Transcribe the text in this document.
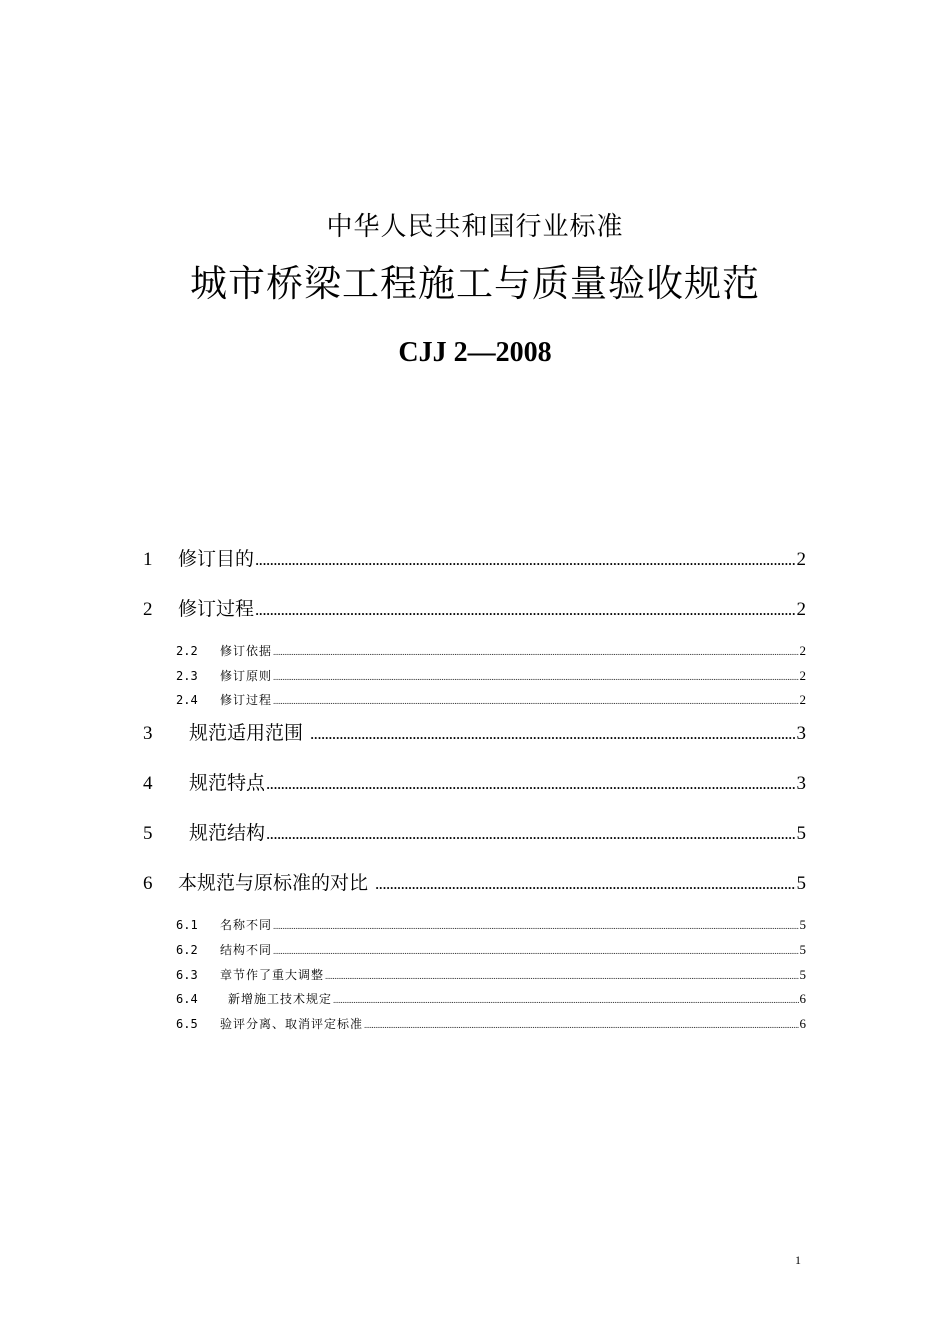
中华人民共和国行业标准
城市桥梁工程施工与质量验收规范
CJJ 2—2008
1	修订目的 .....	2
2	修订过程 .....	2
2.2	修订依据 .....	2
2.3	修订原则 .....	2
2.4	修订过程 .....	2
3	规范适用范围 .....	3
4	规范特点 .....	3
5	规范结构 .....	5
6	本规范与原标准的对比 .....	5
6.1	名称不同 .....	5
6.2	结构不同 .....	5
6.3	章节作了重大调整 .....	5
6.4	新增施工技术规定 .....	6
6.5	验评分离、取消评定标准 .....	6
1
